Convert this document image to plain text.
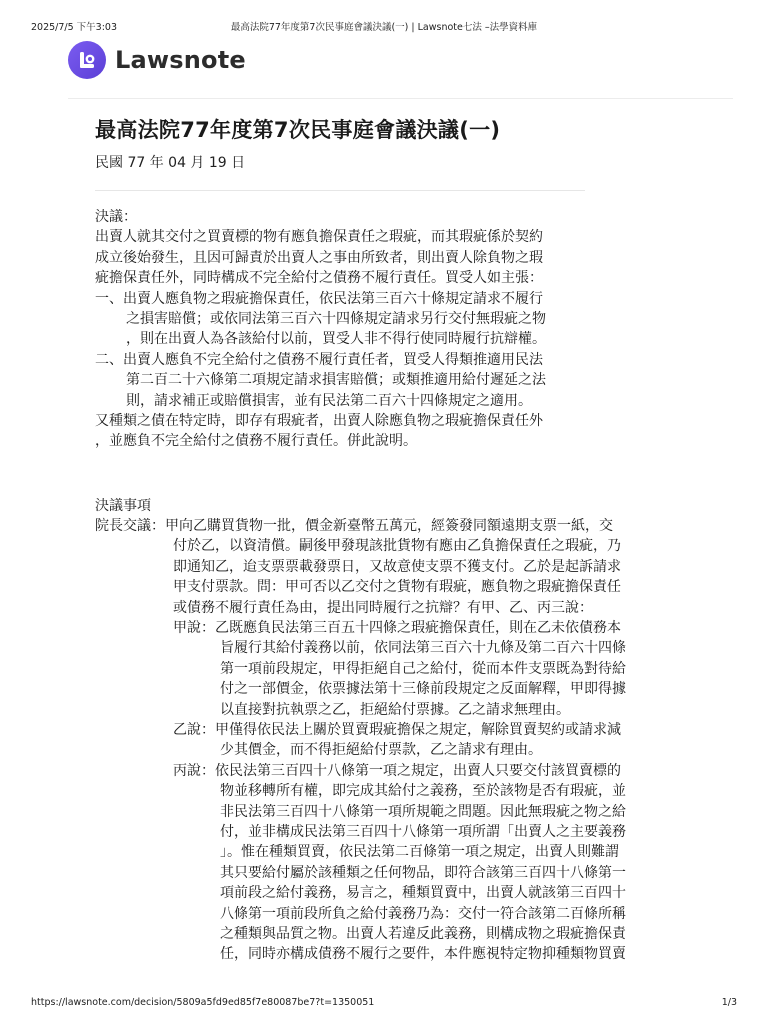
2025/7/5 下午3:03	最高法院77年度第7次民事庭會議決議(一) | Lawsnote七法 –法學資料庫
Lawsnote
最高法院77年度第7次民事庭會議決議(一)
民國 77 年 04 月 19 日
決議：
出賣人就其交付之買賣標的物有應負擔保責任之瑕疵，而其瑕疵係於契約
成立後始發生，且因可歸責於出賣人之事由所致者，則出賣人除負物之瑕
疵擔保責任外，同時構成不完全給付之債務不履行責任。買受人如主張：
一、出賣人應負物之瑕疵擔保責任，依民法第三百六十條規定請求不履行
之損害賠償；或依同法第三百六十四條規定請求另行交付無瑕疵之物
，則在出賣人為各該給付以前，買受人非不得行使同時履行抗辯權。
二、出賣人應負不完全給付之債務不履行責任者，買受人得類推適用民法
第二百二十六條第二項規定請求損害賠償；或類推適用給付遲延之法
則，請求補正或賠償損害，並有民法第二百六十四條規定之適用。
又種類之債在特定時，即存有瑕疵者，出賣人除應負物之瑕疵擔保責任外
，並應負不完全給付之債務不履行責任。併此說明。
決議事項
院長交議：甲向乙購買貨物一批，價金新臺幣五萬元，經簽發同額遠期支票一紙，交
付於乙，以資清償。嗣後甲發現該批貨物有應由乙負擔保責任之瑕疵，乃
即通知乙，迨支票票載發票日，又故意使支票不獲支付。乙於是起訴請求
甲支付票款。問：甲可否以乙交付之貨物有瑕疵，應負物之瑕疵擔保責任
或債務不履行責任為由，提出同時履行之抗辯？有甲、乙、丙三說：
甲說：乙既應負民法第三百五十四條之瑕疵擔保責任，則在乙未依債務本
旨履行其給付義務以前，依同法第三百六十九條及第二百六十四條
第一項前段規定，甲得拒絕自己之給付，從而本件支票既為對待給
付之一部價金，依票據法第十三條前段規定之反面解釋，甲即得據
以直接對抗執票之乙，拒絕給付票據。乙之請求無理由。
乙說：甲僅得依民法上關於買賣瑕疵擔保之規定，解除買賣契約或請求減
少其價金，而不得拒絕給付票款，乙之請求有理由。
丙說：依民法第三百四十八條第一項之規定，出賣人只要交付該買賣標的
物並移轉所有權，即完成其給付之義務，至於該物是否有瑕疵，並
非民法第三百四十八條第一項所規範之問題。因此無瑕疵之物之給
付，並非構成民法第三百四十八條第一項所謂「出賣人之主要義務
」。惟在種類買賣，依民法第二百條第一項之規定，出賣人則難謂
其只要給付屬於該種類之任何物品，即符合該第三百四十八條第一
項前段之給付義務，易言之，種類買賣中，出賣人就該第三百四十
八條第一項前段所負之給付義務乃為：交付一符合該第二百條所稱
之種類與品質之物。出賣人若違反此義務，則構成物之瑕疵擔保責
任，同時亦構成債務不履行之要件，本件應視特定物抑種類物買賣
https://lawsnote.com/decision/5809a5fd9ed85f7e80087be7?t=1350051	1/3
